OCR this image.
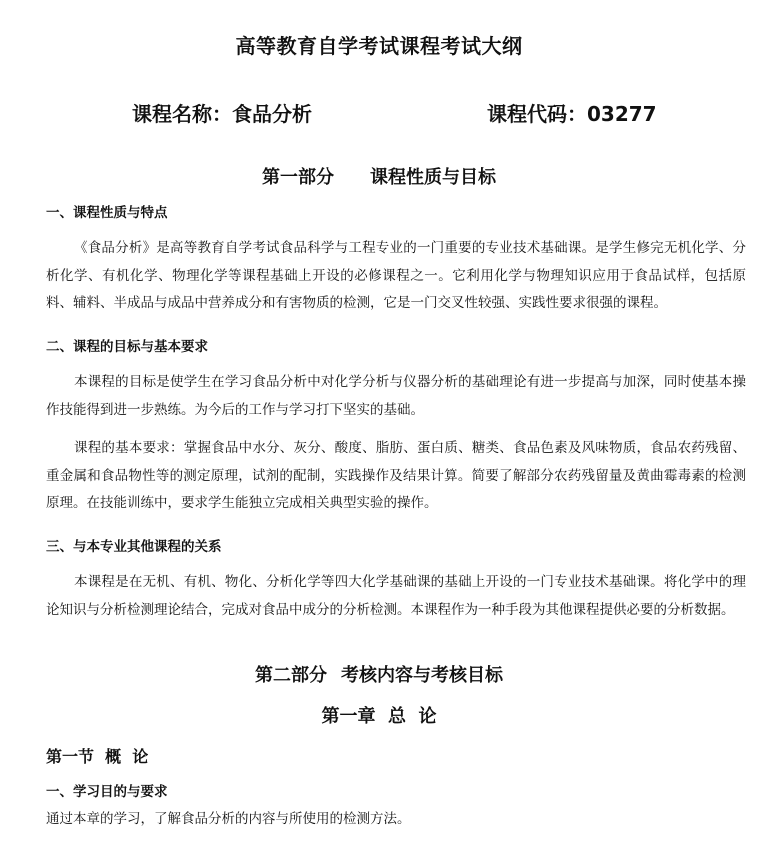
高等教育自学考试课程考试大纲
课程名称：食品分析	课程代码：03277
第一部分 课程性质与目标
一、课程性质与特点
《食品分析》是高等教育自学考试食品科学与工程专业的一门重要的专业技术基础课。是学生修完无机化学、分析化学、有机化学、物理化学等课程基础上开设的必修课程之一。它利用化学与物理知识应用于食品试样，包括原料、辅料、半成品与成品中营养成分和有害物质的检测，它是一门交叉性较强、实践性要求很强的课程。
二、课程的目标与基本要求
本课程的目标是使学生在学习食品分析中对化学分析与仪器分析的基础理论有进一步提高与加深，同时使基本操作技能得到进一步熟练。为今后的工作与学习打下坚实的基础。
课程的基本要求：掌握食品中水分、灰分、酸度、脂肪、蛋白质、糖类、食品色素及风味物质，食品农药残留、重金属和食品物性等的测定原理，试剂的配制，实践操作及结果计算。简要了解部分农药残留量及黄曲霉毒素的检测原理。在技能训练中，要求学生能独立完成相关典型实验的操作。
三、与本专业其他课程的关系
本课程是在无机、有机、物化、分析化学等四大化学基础课的基础上开设的一门专业技术基础课。将化学中的理论知识与分析检测理论结合，完成对食品中成分的分析检测。本课程作为一种手段为其他课程提供必要的分析数据。
第二部分 考核内容与考核目标
第一章  总  论
第一节  概  论
一、学习目的与要求
通过本章的学习，了解食品分析的内容与所使用的检测方法。
